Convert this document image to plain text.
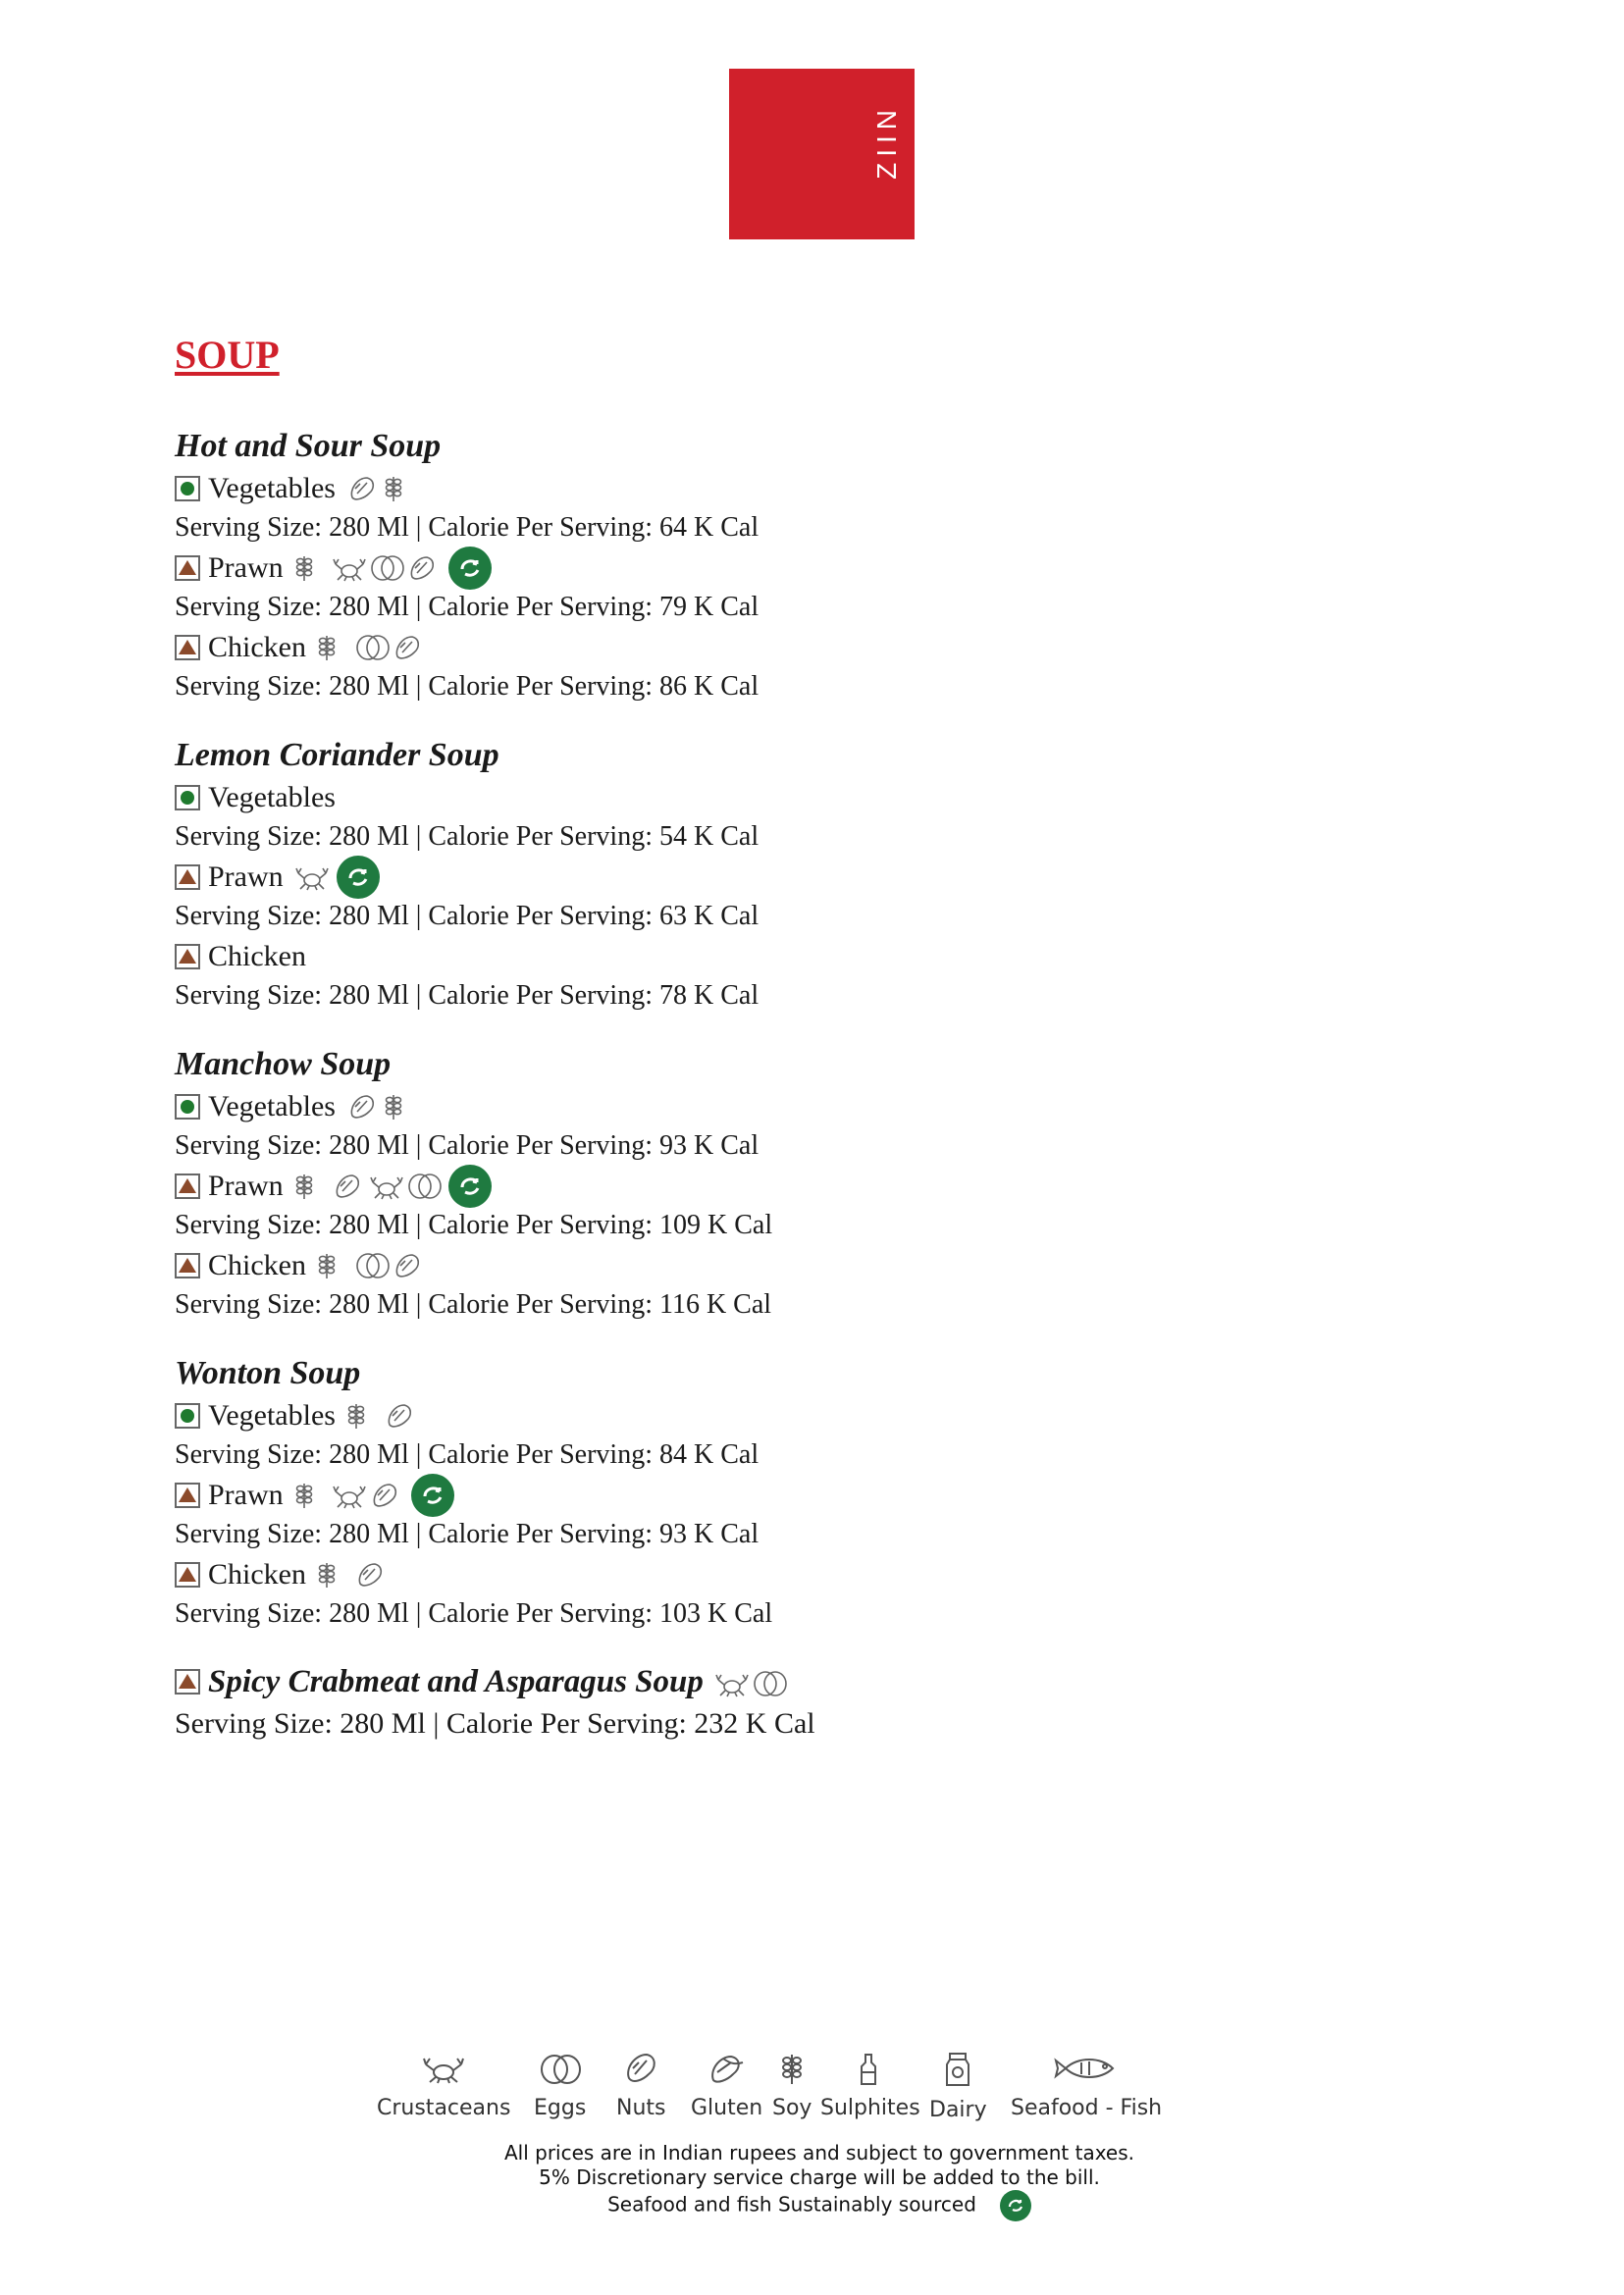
ZIIN
SOUP
Hot and Sour Soup
Vegetables
Serving Size: 280 Ml | Calorie Per Serving: 64 K Cal
Prawn
Serving Size: 280 Ml | Calorie Per Serving: 79 K Cal
Chicken
Serving Size: 280 Ml | Calorie Per Serving: 86 K Cal
Lemon Coriander Soup
Vegetables
Serving Size: 280 Ml | Calorie Per Serving: 54 K Cal
Prawn
Serving Size: 280 Ml | Calorie Per Serving: 63 K Cal
Chicken
Serving Size: 280 Ml | Calorie Per Serving: 78 K Cal
Manchow Soup
Vegetables
Serving Size: 280 Ml | Calorie Per Serving: 93 K Cal
Prawn
Serving Size: 280 Ml | Calorie Per Serving: 109 K Cal
Chicken
Serving Size: 280 Ml | Calorie Per Serving: 116 K Cal
Wonton Soup
Vegetables
Serving Size: 280 Ml | Calorie Per Serving: 84 K Cal
Prawn
Serving Size: 280 Ml | Calorie Per Serving: 93 K Cal
Chicken
Serving Size: 280 Ml | Calorie Per Serving: 103 K Cal
Spicy Crabmeat and Asparagus Soup
Serving Size: 280 Ml | Calorie Per Serving: 232 K Cal
Crustaceans Eggs Nuts Gluten Soy Sulphites Dairy Seafood - Fish
All prices are in Indian rupees and subject to government taxes.
5% Discretionary service charge will be added to the bill.
Seafood and fish Sustainably sourced
